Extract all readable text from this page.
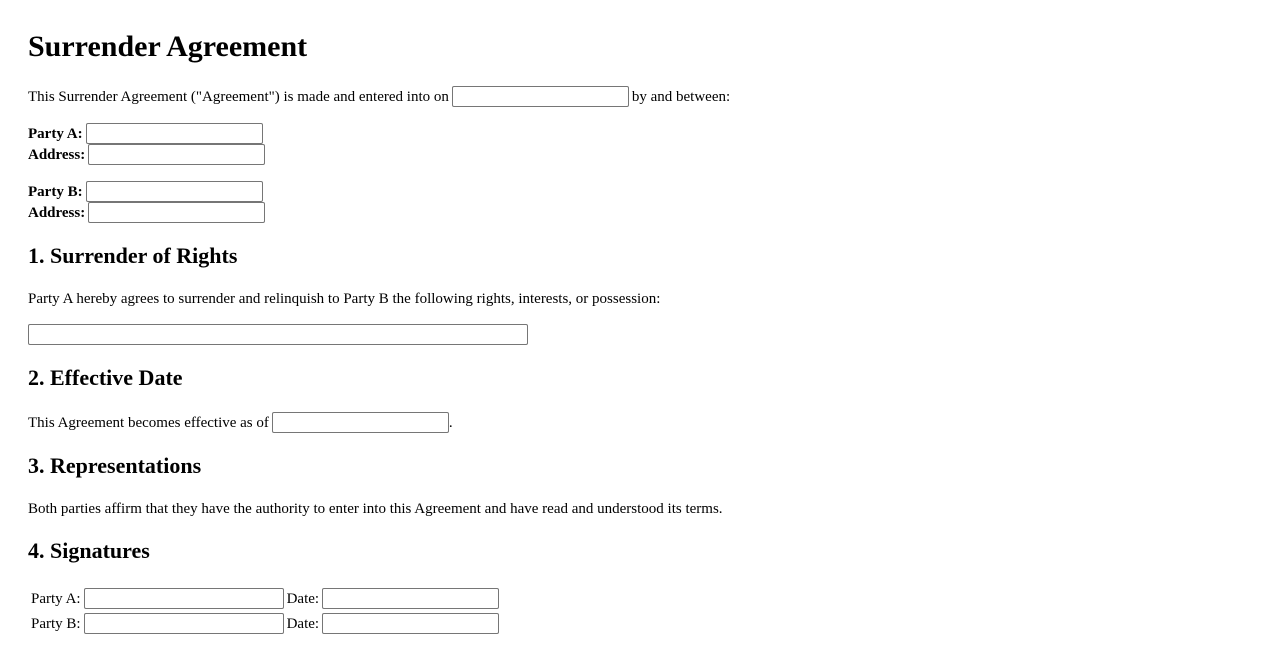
Surrender Agreement
This Surrender Agreement ("Agreement") is made and entered into on	by and between:
Party A:
Address:
Party B:
Address:
1. Surrender of Rights
Party A hereby agrees to surrender and relinquish to Party B the following rights, interests, or possession:
2. Effective Date
This Agreement becomes effective as of	.
3. Representations
Both parties affirm that they have the authority to enter into this Agreement and have read and understood its terms.
4. Signatures
Party A:	Date:
Party B:	Date:
